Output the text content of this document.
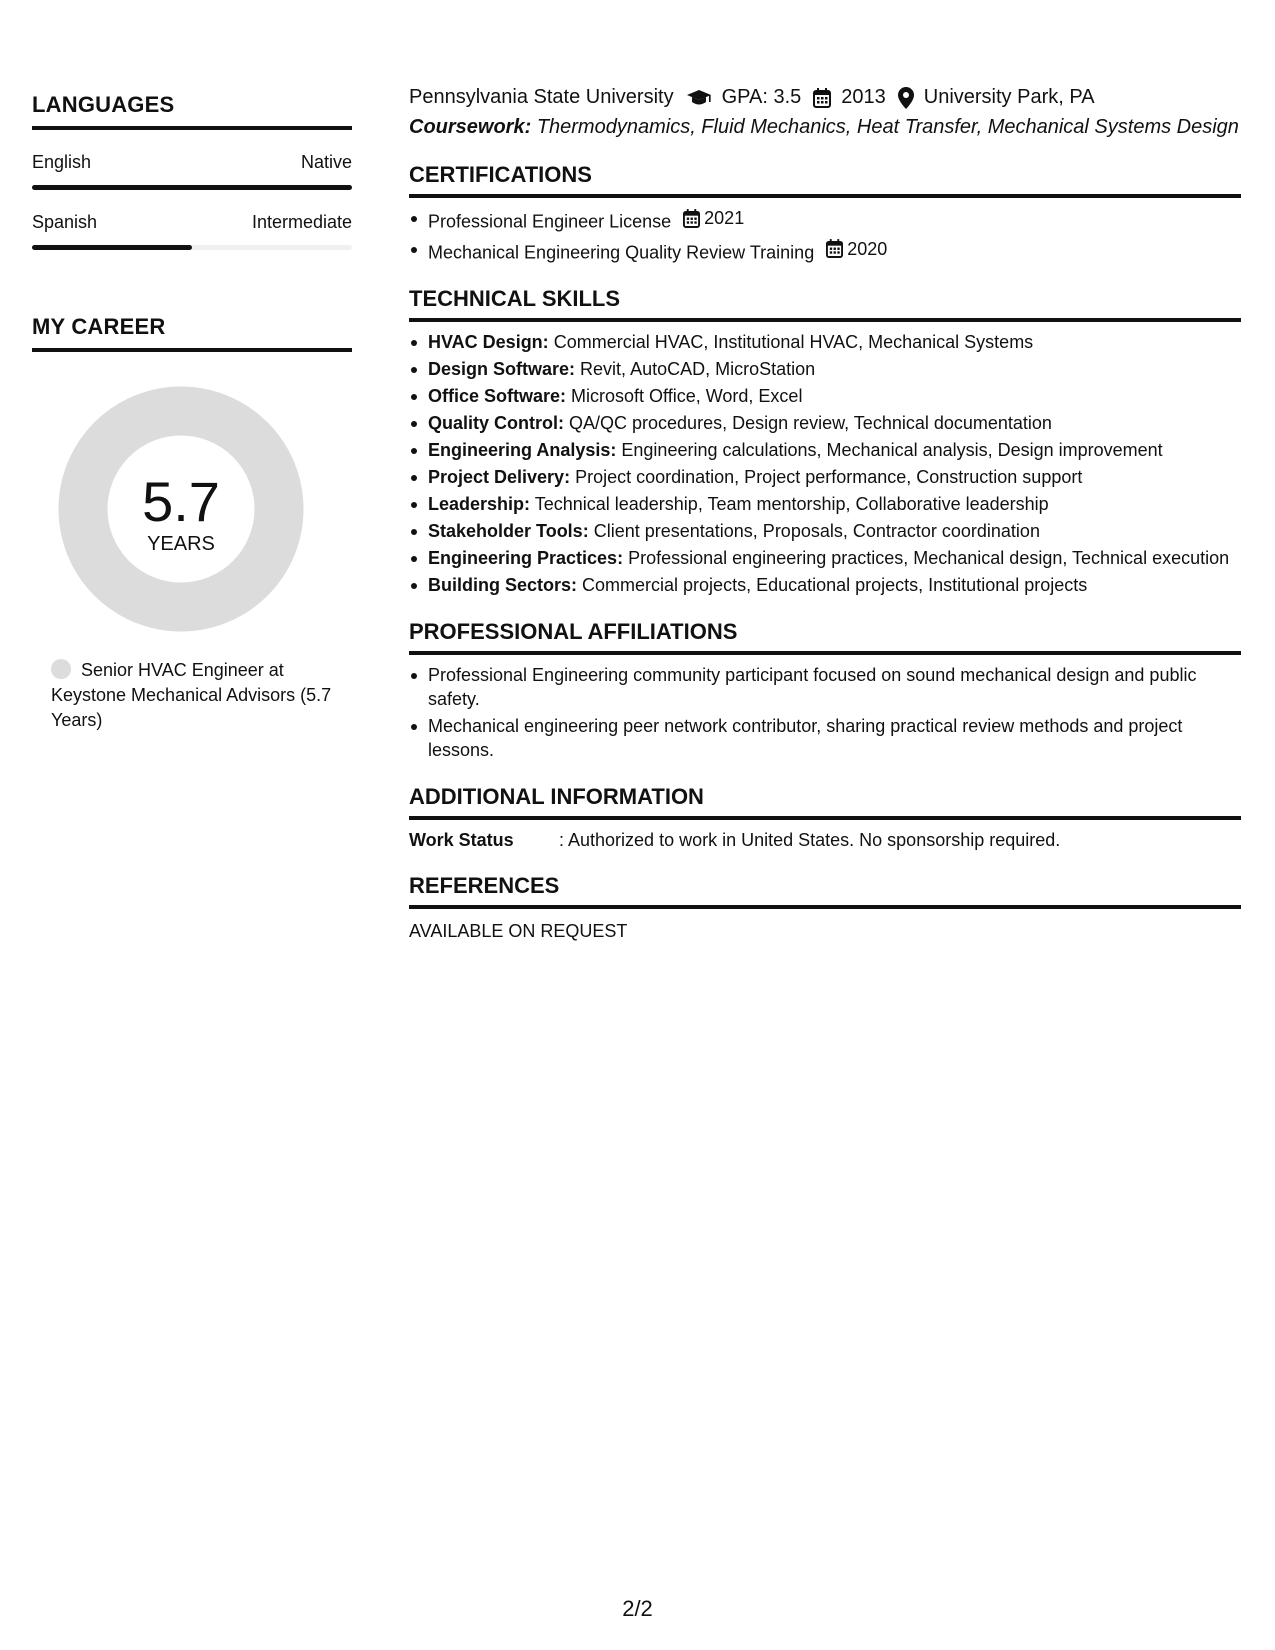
LANGUAGES
English	Native
Spanish	Intermediate
MY CAREER
5.7
YEARS
Senior HVAC Engineer at Keystone Mechanical Advisors (5.7 Years)
Pennsylvania State University GPA: 3.5 2013 University Park, PA
Coursework: Thermodynamics, Fluid Mechanics, Heat Transfer, Mechanical Systems Design
CERTIFICATIONS
Professional Engineer License 2021
Mechanical Engineering Quality Review Training 2020
TECHNICAL SKILLS
HVAC Design: Commercial HVAC, Institutional HVAC, Mechanical Systems
Design Software: Revit, AutoCAD, MicroStation
Office Software: Microsoft Office, Word, Excel
Quality Control: QA/QC procedures, Design review, Technical documentation
Engineering Analysis: Engineering calculations, Mechanical analysis, Design improvement
Project Delivery: Project coordination, Project performance, Construction support
Leadership: Technical leadership, Team mentorship, Collaborative leadership
Stakeholder Tools: Client presentations, Proposals, Contractor coordination
Engineering Practices: Professional engineering practices, Mechanical design, Technical execution
Building Sectors: Commercial projects, Educational projects, Institutional projects
PROFESSIONAL AFFILIATIONS
Professional Engineering community participant focused on sound mechanical design and public safety.
Mechanical engineering peer network contributor, sharing practical review methods and project lessons.
ADDITIONAL INFORMATION
Work Status	: Authorized to work in United States. No sponsorship required.
REFERENCES
AVAILABLE ON REQUEST
2/2
